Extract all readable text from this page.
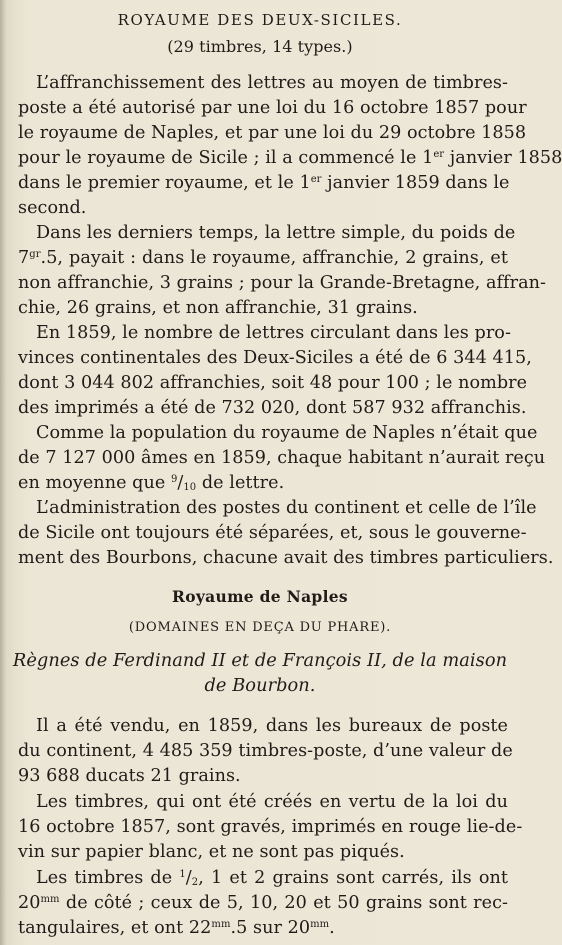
ROYAUME DES DEUX-SICILES.
(29 timbres, 14 types.)
L’affranchissement des lettres au moyen de timbres-
poste a été autorisé par une loi du 16 octobre 1857 pour
le royaume de Naples, et par une loi du 29 octobre 1858
pour le royaume de Sicile ; il a commencé le 1er janvier 1858
dans le premier royaume, et le 1er janvier 1859 dans le
second.
Dans les derniers temps, la lettre simple, du poids de
$7^{gr}.5$, payait : dans le royaume, affranchie, 2 grains, et
non affranchie, 3 grains ; pour la Grande-Bretagne, affran-
chie, 26 grains, et non affranchie, 31 grains.
En 1859, le nombre de lettres circulant dans les pro-
vinces continentales des Deux-Siciles a été de 6 344 415,
dont 3 044 802 affranchies, soit 48 pour 100 ; le nombre
des imprimés a été de 732 020, dont 587 932 affranchis.
Comme la population du royaume de Naples n’était que
de 7 127 000 âmes en 1859, chaque habitant n’aurait reçu
en moyenne que $^9/_{10}$ de lettre.
L’administration des postes du continent et celle de l’île
de Sicile ont toujours été séparées, et, sous le gouverne-
ment des Bourbons, chacune avait des timbres particuliers.
Royaume de Naples
(DOMAINES EN DEÇA DU PHARE).
Règnes de Ferdinand II et de François II, de la maison
de Bourbon.
Il a été vendu, en 1859, dans les bureaux de poste
du continent, 4 485 359 timbres-poste, d’une valeur de
93 688 ducats 21 grains.
Les timbres, qui ont été créés en vertu de la loi du
16 octobre 1857, sont gravés, imprimés en rouge lie-de-
vin sur papier blanc, et ne sont pas piqués.
Les timbres de $^1/_2$, 1 et 2 grains sont carrés, ils ont
$20^{mm}$ de côté ; ceux de 5, 10, 20 et 50 grains sont rec-
tangulaires, et ont $22^{mm}.5$ sur $20^{mm}$.
